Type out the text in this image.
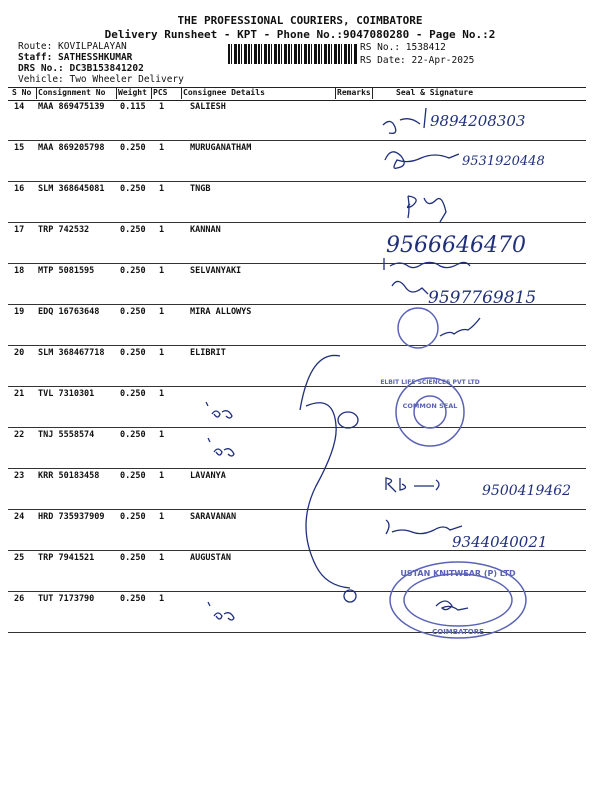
THE PROFESSIONAL COURIERS, COIMBATORE
Delivery Runsheet - KPT - Phone No.:9047080280 - Page No.:2
Route: KOVILPALAYAN
Staff: SATHESSHKUMAR
DRS No.: DC3B153841202
Vehicle: Two Wheeler Delivery
RS No.: 1538412
RS Date: 22-Apr-2025
S No Consignment No Weight PCS Consignee Details	Remarks	Seal & Signature
14 MAA 869475139 0.115 1	SALIESH
15 MAA 869205798 0.250 1	MURUGANATHAM
16 SLM 368645081 0.250 1	TNGB
17 TRP 742532	0.250 1	KANNAN
18 MTP 5081595	0.250 1	SELVANYAKI
19 EDQ 16763648 0.250 1	MIRA ALLOWYS
20 SLM 368467718 0.250 1	ELIBRIT
21 TVL 7310301	0.250 1
22 TNJ 5558574	0.250 1
23 KRR 50183458 0.250 1	LAVANYA
24 HRD 735937909 0.250 1	SARAVANAN
25 TRP 7941521	0.250 1	AUGUSTAN
26 TUT 7173790	0.250 1
9894208303
9531920448
9566646470
9597769815
COMMON SEAL
ELBIT LIFE SCIENCES PVT LTD
9500419462
9344040021
USTAN KNITWEAR (P) LTD
COIMBATORE
